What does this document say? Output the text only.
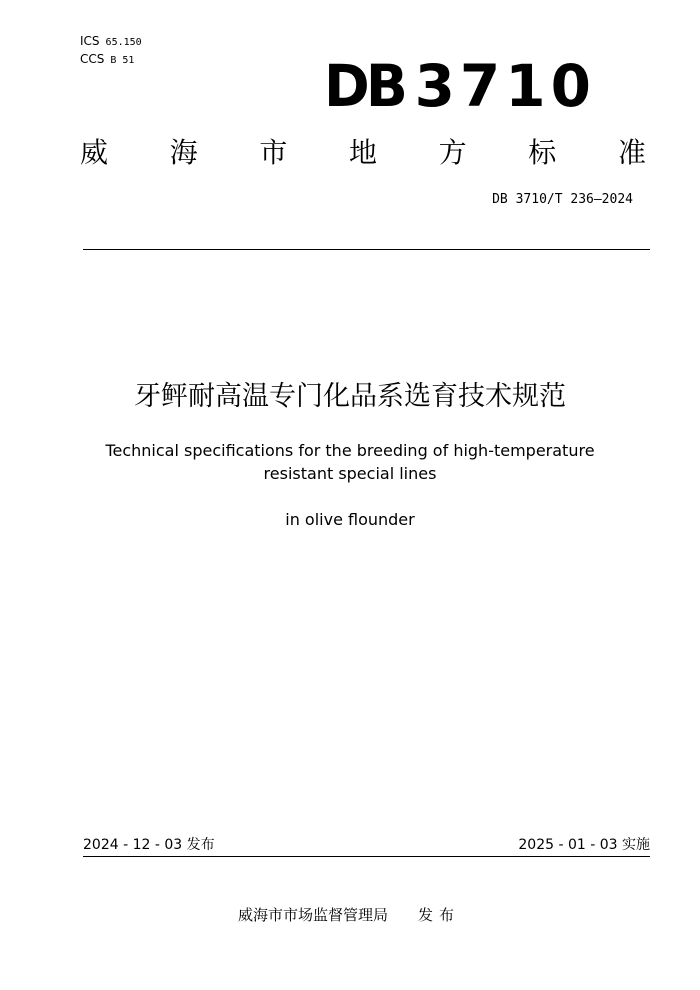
ICS 65.150
CCS B 51	DB 3710
威 海 市 地 方 标 准
DB 3710/T 236—2024
牙鲆耐高温专门化品系选育技术规范
Technical specifications for the breeding of high-temperature
resistant special lines
in olive flounder
2024 - 12 - 03 发布	2025 - 01 - 03 实施
威海市市场监督管理局 发布
